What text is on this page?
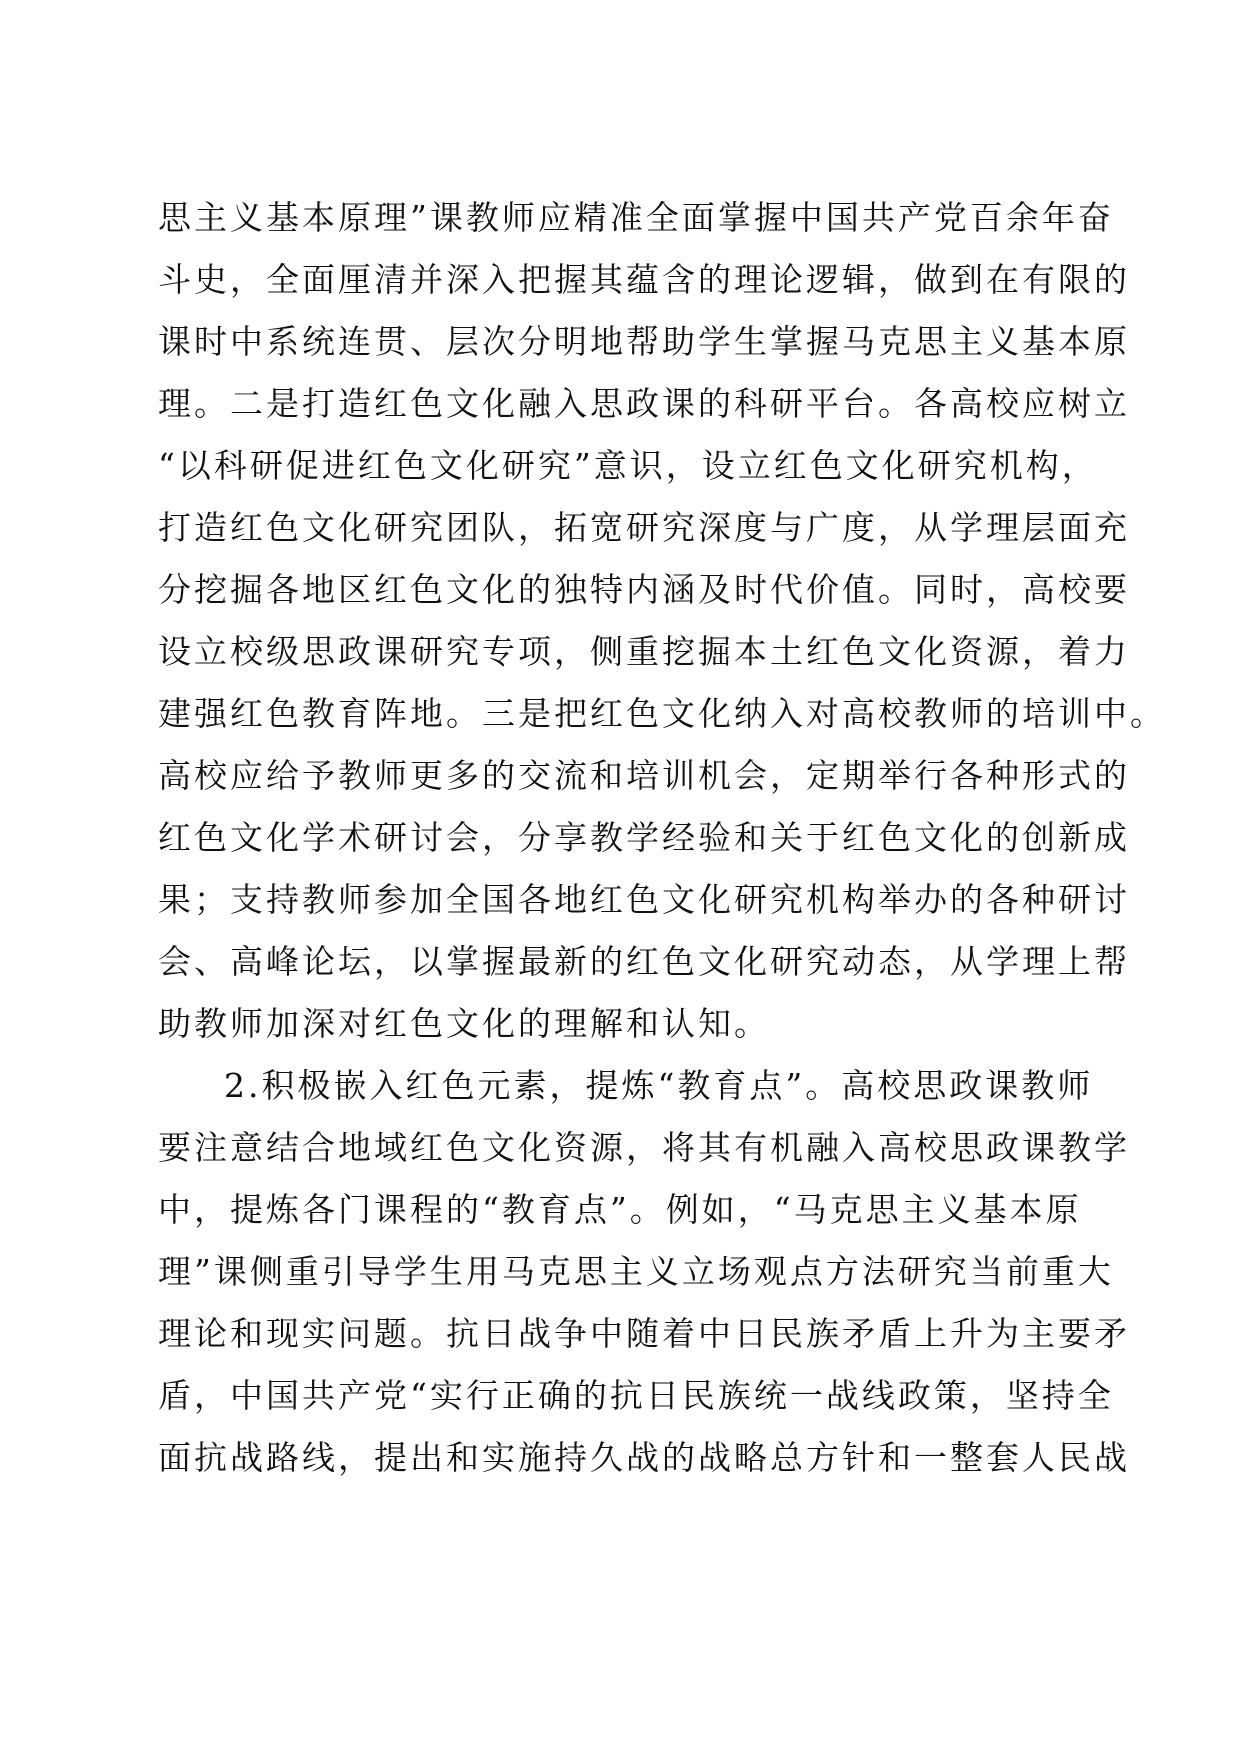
思主义基本原理”课教师应精准全面掌握中国共产党百余年奋
斗史，全面厘清并深入把握其蕴含的理论逻辑，做到在有限的
课时中系统连贯、层次分明地帮助学生掌握马克思主义基本原
理。二是打造红色文化融入思政课的科研平台。各高校应树立
“以科研促进红色文化研究”意识，设立红色文化研究机构，
打造红色文化研究团队，拓宽研究深度与广度，从学理层面充
分挖掘各地区红色文化的独特内涵及时代价值。同时，高校要
设立校级思政课研究专项，侧重挖掘本土红色文化资源，着力
建强红色教育阵地。三是把红色文化纳入对高校教师的培训中。
高校应给予教师更多的交流和培训机会，定期举行各种形式的
红色文化学术研讨会，分享教学经验和关于红色文化的创新成
果；支持教师参加全国各地红色文化研究机构举办的各种研讨
会、高峰论坛，以掌握最新的红色文化研究动态，从学理上帮
助教师加深对红色文化的理解和认知。
2.积极嵌入红色元素，提炼“教育点”。高校思政课教师
要注意结合地域红色文化资源，将其有机融入高校思政课教学
中，提炼各门课程的“教育点”。例如，“马克思主义基本原
理”课侧重引导学生用马克思主义立场观点方法研究当前重大
理论和现实问题。抗日战争中随着中日民族矛盾上升为主要矛
盾，中国共产党“实行正确的抗日民族统一战线政策，坚持全
面抗战路线，提出和实施持久战的战略总方针和一整套人民战
